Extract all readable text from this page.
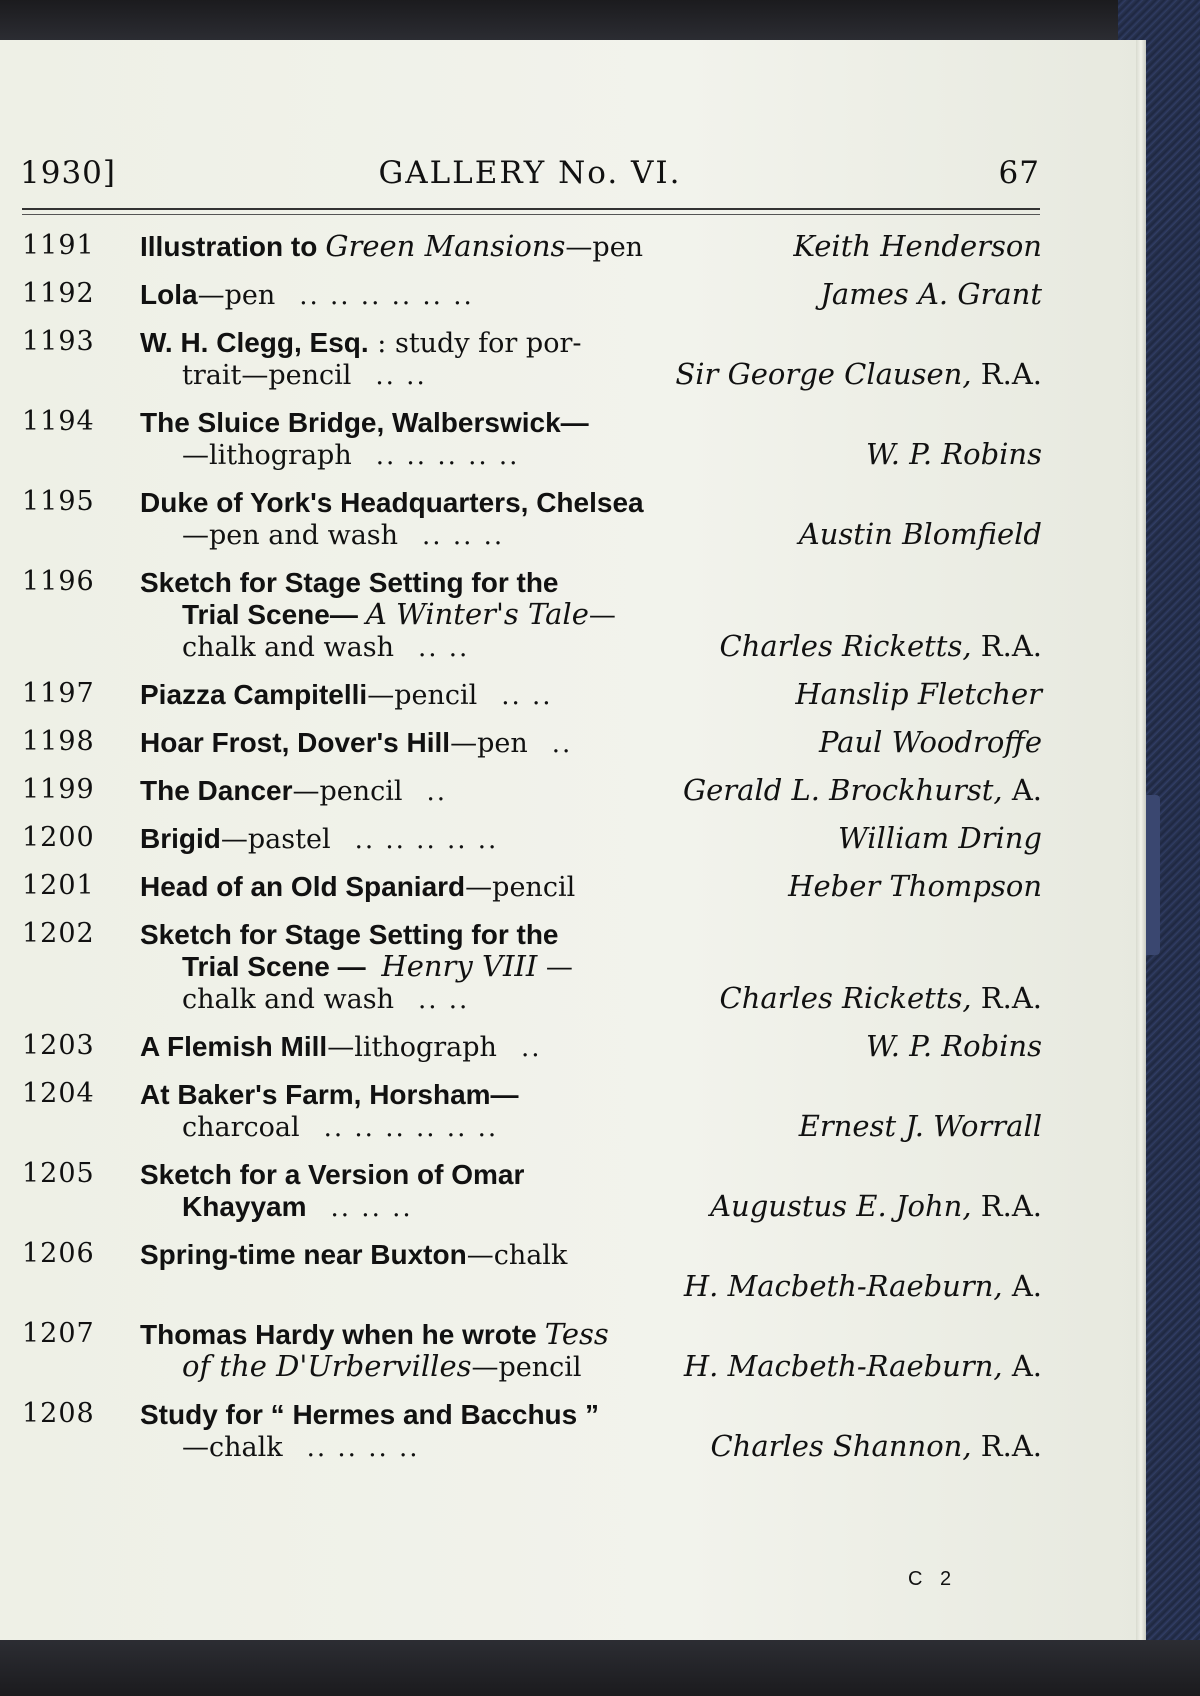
1930]	GALLERY No. VI.	67
1191	Illustration to Green Mansions—pen	Keith Henderson
1192	Lola—pen .. .. .. .. .. ..	James A. Grant
1193	W. H. Clegg, Esq. : study for por-
trait—pencil .. ..	Sir George Clausen, R.A.
1194	The Sluice Bridge, Walberswick—
—lithograph .. .. .. .. ..	W. P. Robins
1195	Duke of York's Headquarters, Chelsea
—pen and wash .. .. ..	Austin Blomfield
1196	Sketch for Stage Setting for the
Trial Scene— A Winter's Tale—
chalk and wash .. ..	Charles Ricketts, R.A.
1197	Piazza Campitelli—pencil .. ..	Hanslip Fletcher
1198	Hoar Frost, Dover's Hill—pen ..	Paul Woodroffe
1199	The Dancer—pencil ..	Gerald L. Brockhurst, A.
1200	Brigid—pastel .. .. .. .. ..	William Dring
1201	Head of an Old Spaniard—pencil	Heber Thompson
1202	Sketch for Stage Setting for the
Trial Scene — Henry VIII —
chalk and wash .. ..	Charles Ricketts, R.A.
1203	A Flemish Mill—lithograph ..	W. P. Robins
1204	At Baker's Farm, Horsham—
charcoal .. .. .. .. .. ..	Ernest J. Worrall
1205	Sketch for a Version of Omar
Khayyam .. .. ..	Augustus E. John, R.A.
1206	Spring-time near Buxton—chalk
H. Macbeth-Raeburn, A.
1207	Thomas Hardy when he wrote Tess
of the D'Urbervilles—pencil	H. Macbeth-Raeburn, A.
1208	Study for “ Hermes and Bacchus ”
—chalk .. .. .. ..	Charles Shannon, R.A.
C 2
